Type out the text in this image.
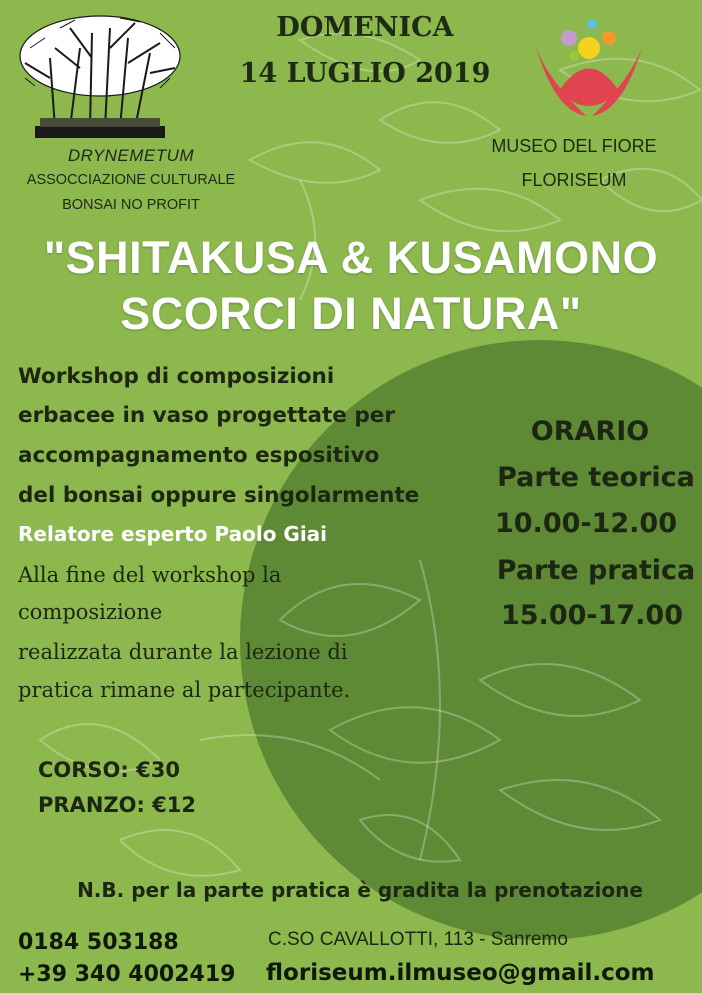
DOMENICA
14 LUGLIO 2019
DRYNEMETUM
ASSOCCIAZIONE CULTURALE
BONSAI NO PROFIT
MUSEO DEL FIORE
FLORISEUM
"SHITAKUSA & KUSAMONO
SCORCI DI NATURA"
Workshop di composizioni
erbacee in vaso progettate per
accompagnamento espositivo
del bonsai oppure singolarmente
Relatore esperto Paolo Giai
Alla fine del workshop la
composizione
realizzata durante la lezione di
pratica rimane al partecipante.
ORARIO
Parte teorica
10.00-12.00
Parte pratica
15.00-17.00
CORSO: €30
PRANZO: €12
N.B. per la parte pratica è gradita la prenotazione
0184 503188
+39 340 4002419
C.SO CAVALLOTTI, 113 - Sanremo
floriseum.ilmuseo@gmail.com
